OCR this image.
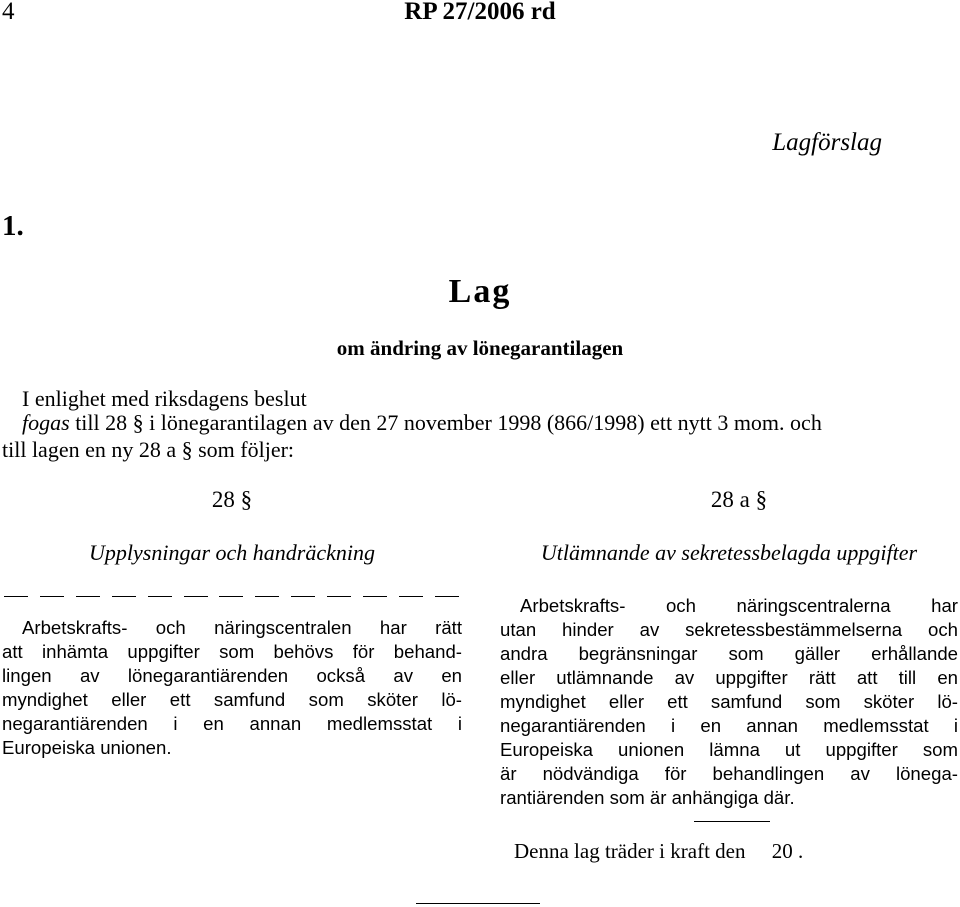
4	RP 27/2006 rd
Lagförslag
1.
Lag
om ändring av lönegarantilagen
I enlighet med riksdagens beslut
fogas till 28 § i lönegarantilagen av den 27 november 1998 (866/1998) ett nytt 3 mom. och
till lagen en ny 28 a § som följer:
28 §
Upplysningar och handräckning

Arbetskrafts- och näringscentralen har rätt
att inhämta uppgifter som behövs för behand-
lingen av lönegarantiärenden också av en
myndighet eller ett samfund som sköter lö-
negarantiärenden i en annan medlemsstat i
Europeiska unionen.

28 a §
Utlämnande av sekretessbelagda uppgifter

Arbetskrafts- och näringscentralerna har
utan hinder av sekretessbestämmelserna och
andra begränsningar som gäller erhållande
eller utlämnande av uppgifter rätt att till en
myndighet eller ett samfund som sköter lö-
negarantiärenden i en annan medlemsstat i
Europeiska unionen lämna ut uppgifter som
är nödvändiga för behandlingen av lönega-
rantiärenden som är anhängiga där.

Denna lag träder i kraft den     20 .
